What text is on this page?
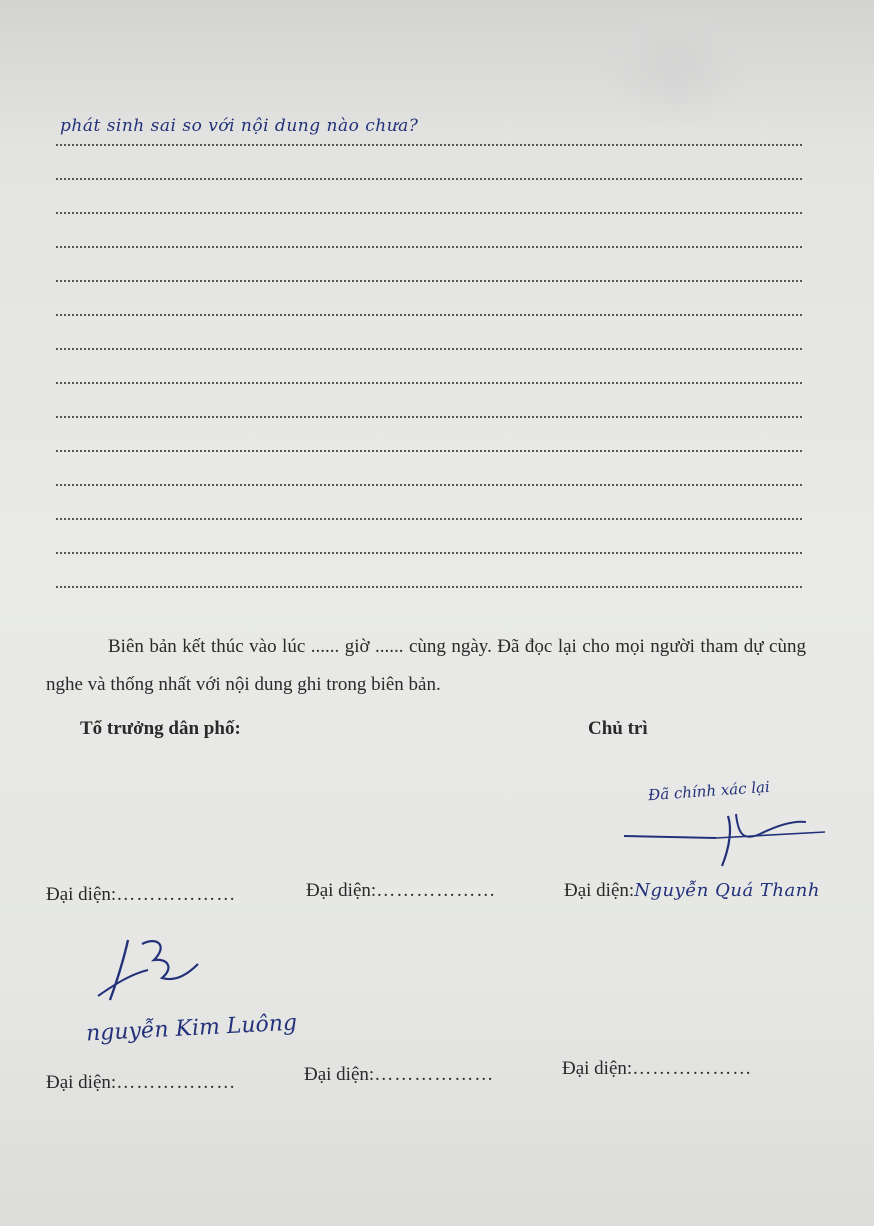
phát sinh sai so với nội dung nào chưa?
Biên bản kết thúc vào lúc ...... giờ ...... cùng ngày. Đã đọc lại cho mọi người tham dự cùng nghe và thống nhất với nội dung ghi trong biên bản.
Tổ trưởng dân phố:	Chủ trì
Đã chính xác lại
Đại diện:………………	Đại diện:………………	Đại diện:Nguyễn Quá Thanh
nguyễn Kim Luông
Đại diện:………………	Đại diện:………………	Đại diện:………………
